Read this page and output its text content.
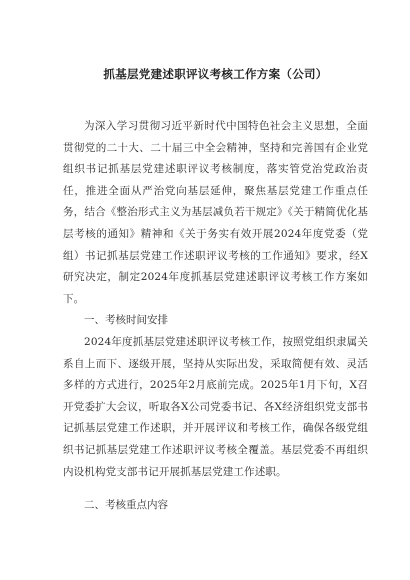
抓基层党建述职评议考核工作方案（公司）

为深入学习贯彻习近平新时代中国特色社会主义思想，全面贯彻党的二十大、二十届三中全会精神，坚持和完善国有企业党组织书记抓基层党建述职评议考核制度，落实管党治党政治责任，推进全面从严治党向基层延伸，聚焦基层党建工作重点任务，结合《整治形式主义为基层减负若干规定》《关于精简优化基层考核的通知》精神和《关于务实有效开展2024年度党委（党组）书记抓基层党建工作述职评议考核的工作通知》要求，经X研究决定，制定2024年度抓基层党建述职评议考核工作方案如下。

一、考核时间安排

2024年度抓基层党建述职评议考核工作，按照党组织隶属关系自上而下、逐级开展，坚持从实际出发，采取简便有效、灵活多样的方式进行，2025年2月底前完成。2025年1月下旬，X召开党委扩大会议，听取各X公司党委书记、各X经济组织党支部书记抓基层党建工作述职，并开展评议和考核工作，确保各级党组织书记抓基层党建工作述职评议考核全覆盖。基层党委不再组织内设机构党支部书记开展抓基层党建工作述职。

二、考核重点内容
